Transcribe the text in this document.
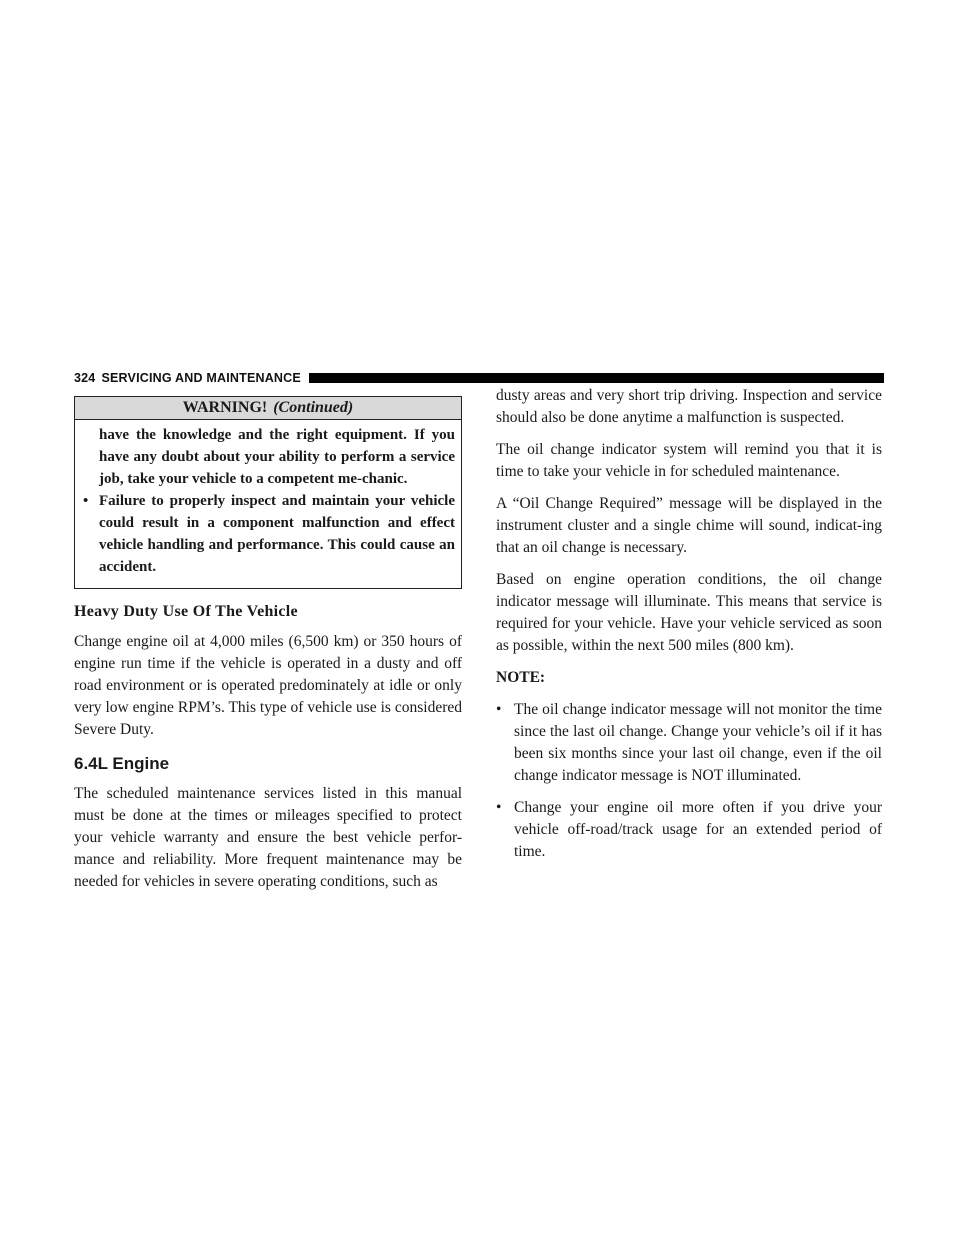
324 SERVICING AND MAINTENANCE
WARNING! (Continued)
have the knowledge and the right equipment. If you have any doubt about your ability to perform a service job, take your vehicle to a competent me-chanic.
• Failure to properly inspect and maintain your vehicle could result in a component malfunction and effect vehicle handling and performance. This could cause an accident.
Heavy Duty Use Of The Vehicle

Change engine oil at 4,000 miles (6,500 km) or 350 hours of engine run time if the vehicle is operated in a dusty and off road environment or is operated predominately at idle or only very low engine RPM’s. This type of vehicle use is considered Severe Duty.

6.4L Engine

The scheduled maintenance services listed in this manual must be done at the times or mileages specified to protect your vehicle warranty and ensure the best vehicle perfor-mance and reliability. More frequent maintenance may be needed for vehicles in severe operating conditions, such as

dusty areas and very short trip driving. Inspection and service should also be done anytime a malfunction is suspected.

The oil change indicator system will remind you that it is time to take your vehicle in for scheduled maintenance.

A “Oil Change Required” message will be displayed in the instrument cluster and a single chime will sound, indicat-ing that an oil change is necessary.

Based on engine operation conditions, the oil change indicator message will illuminate. This means that service is required for your vehicle. Have your vehicle serviced as soon as possible, within the next 500 miles (800 km).

NOTE:
• The oil change indicator message will not monitor the time since the last oil change. Change your vehicle’s oil if it has been six months since your last oil change, even if the oil change indicator message is NOT illuminated.
• Change your engine oil more often if you drive your vehicle off-road/track usage for an extended period of time.
